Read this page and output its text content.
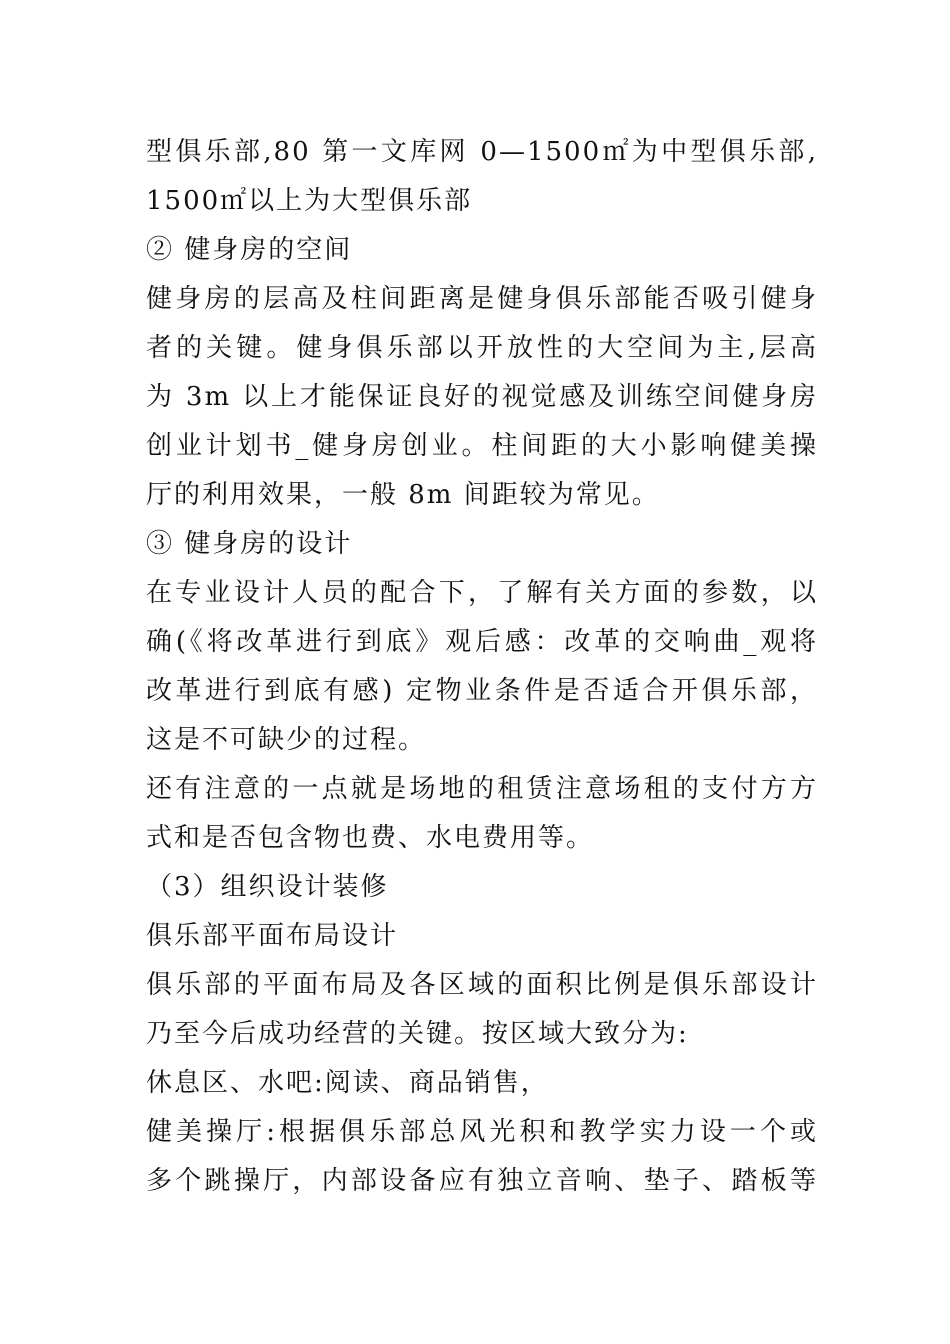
型俱乐部,80 第一文库网 0—1500㎡为中型俱乐部,
1500㎡以上为大型俱乐部
② 健身房的空间
健身房的层高及柱间距离是健身俱乐部能否吸引健身
者的关键。健身俱乐部以开放性的大空间为主,层高
为 3m 以上才能保证良好的视觉感及训练空间健身房
创业计划书_健身房创业。柱间距的大小影响健美操
厅的利用效果，一般 8m 间距较为常见。
③ 健身房的设计
在专业设计人员的配合下，了解有关方面的参数，以
确(《将改革进行到底》观后感：改革的交响曲_观将
改革进行到底有感) 定物业条件是否适合开俱乐部，
这是不可缺少的过程。
还有注意的一点就是场地的租赁注意场租的支付方方
式和是否包含物也费、水电费用等。
（3）组织设计装修
俱乐部平面布局设计
俱乐部的平面布局及各区域的面积比例是俱乐部设计
乃至今后成功经营的关键。按区域大致分为:
休息区、水吧:阅读、商品销售，
健美操厅:根据俱乐部总风光积和教学实力设一个或
多个跳操厅，内部设备应有独立音响、垫子、踏板等
